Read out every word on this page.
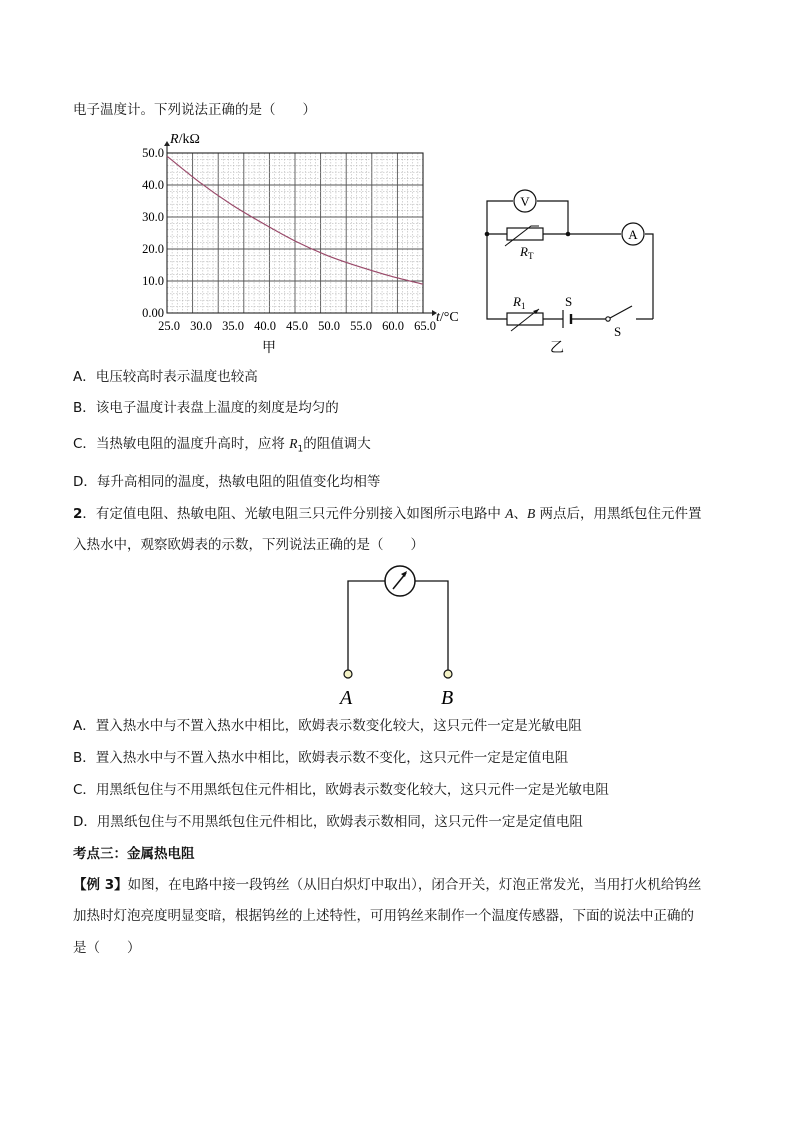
电子温度计。下列说法正确的是（　　）
R/kΩ
t/°C
50.0
40.0
30.0
20.0
10.0
0.00
25.0 30.0 35.0 40.0 45.0 50.0 55.0 60.0 65.0
甲
V
A
$R_T$
$R_1$	S
S
乙
A．电压较高时表示温度也较高
B．该电子温度计表盘上温度的刻度是均匀的
C．当热敏电阻的温度升高时，应将 $R_1$的阻值调大
D．每升高相同的温度，热敏电阻的阻值变化均相等
2．有定值电阻、热敏电阻、光敏电阻三只元件分别接入如图所示电路中 A、B 两点后，用黑纸包住元件置
入热水中，观察欧姆表的示数，下列说法正确的是（　　）
A	B
A．置入热水中与不置入热水中相比，欧姆表示数变化较大，这只元件一定是光敏电阻
B．置入热水中与不置入热水中相比，欧姆表示数不变化，这只元件一定是定值电阻
C．用黑纸包住与不用黑纸包住元件相比，欧姆表示数变化较大，这只元件一定是光敏电阻
D．用黑纸包住与不用黑纸包住元件相比，欧姆表示数相同，这只元件一定是定值电阻
考点三：金属热电阻
【例 3】如图，在电路中接一段钨丝（从旧白炽灯中取出），闭合开关，灯泡正常发光，当用打火机给钨丝
加热时灯泡亮度明显变暗，根据钨丝的上述特性，可用钨丝来制作一个温度传感器，下面的说法中正确的
是（　　）
